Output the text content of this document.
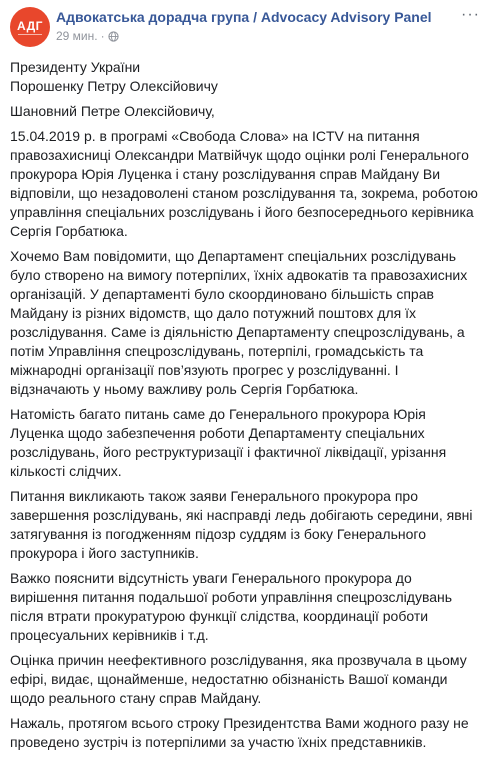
АДГ
Адвокатська дорадча група / Advocacy Advisory Panel
29 мин. ·
···

Президенту України

Порошенку Петру Олексійовичу

Шановний Петре Олексійовичу,

15.04.2019 р. в програмі «Свобода Слова» на ICTV на питання правозахисниці Олександри Матвійчук щодо оцінки ролі Генерального прокурора Юрія Луценка і стану розслідування справ Майдану Ви відповіли, що незадоволені станом розслідування та, зокрема, роботою управління спеціальних розслідувань і його безпосереднього керівника Сергія Горбатюка.

Хочемо Вам повідомити, що Департамент спеціальних розслідувань було створено на вимогу потерпілих, їхніх адвокатів та правозахисних організацій. У департаменті було скоординовано більшість справ Майдану із різних відомств, що дало потужний поштовх для їх розслідування. Саме із діяльністю Департаменту спецрозслідувань, а потім Управління спецрозслідувань, потерпілі, громадськість та міжнародні організації пов’язують прогрес у розслідуванні. І відзначають у ньому важливу роль Сергія Горбатюка.

Натомість багато питань саме до Генерального прокурора Юрія Луценка щодо забезпечення роботи Департаменту спеціальних розслідувань, його реструктуризації і фактичної ліквідації, урізання кількості слідчих.

Питання викликають також заяви Генерального прокурора про завершення розслідувань, які насправді ледь добігають середини, явні затягування із погодженням підозр суддям із боку Генерального прокурора і його заступників.

Важко пояснити відсутність уваги Генерального прокурора до вирішення питання подальшої роботи управління спецрозслідувань після втрати прокуратурою функції слідства, координації роботи процесуальних керівників і т.д.

Оцінка причин неефективного розслідування, яка прозвучала в цьому ефірі, видає, щонайменше, недостатню обізнаність Вашої команди щодо реального стану справ Майдану.

Нажаль, протягом всього строку Президентства Вами жодного разу не проведено зустріч із потерпілими за участю їхніх представників.
